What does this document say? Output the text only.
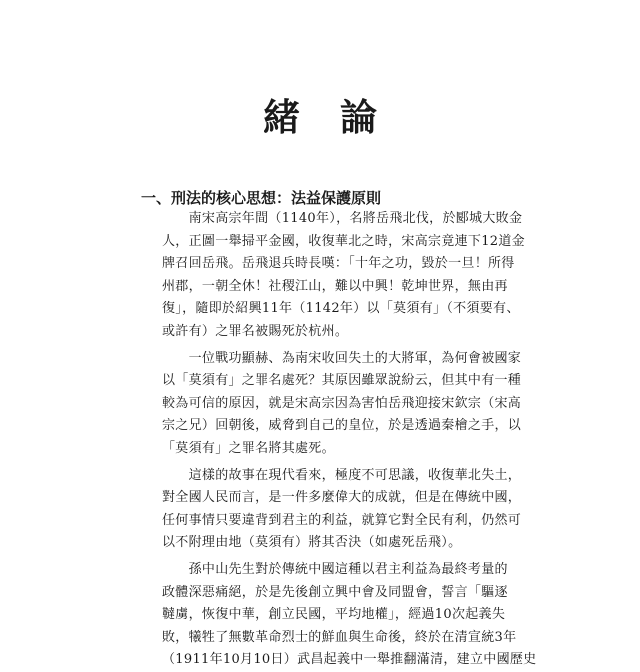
緒論
一、刑法的核心思想：法益保護原則

　　南宋高宗年間（1140年），名將岳飛北伐，於郾城大敗金
人，正圖一舉掃平金國，收復華北之時，宋高宗竟連下12道金
牌召回岳飛。岳飛退兵時長嘆：「十年之功，毀於一旦！所得
州郡，一朝全休！社稷江山，難以中興！乾坤世界，無由再
復」，隨即於紹興11年（1142年）以「莫須有」（不須要有、
或許有）之罪名被賜死於杭州。

　　一位戰功顯赫、為南宋收回失土的大將軍，為何會被國家
以「莫須有」之罪名處死？其原因雖眾說紛云，但其中有一種
較為可信的原因，就是宋高宗因為害怕岳飛迎接宋欽宗（宋高
宗之兄）回朝後，威脅到自己的皇位，於是透過秦檜之手，以
「莫須有」之罪名將其處死。

　　這樣的故事在現代看來，極度不可思議，收復華北失土，
對全國人民而言，是一件多麼偉大的成就，但是在傳統中國，
任何事情只要違背到君主的利益，就算它對全民有利，仍然可
以不附理由地（莫須有）將其否決（如處死岳飛）。

　　孫中山先生對於傳統中國這種以君主利益為最終考量的
政體深惡痛絕，於是先後創立興中會及同盟會，誓言「驅逐
韃虜，恢復中華，創立民國，平均地權」，經過10次起義失
敗，犧牲了無數革命烈士的鮮血與生命後，終於在清宣統3年
（1911年10月10日）武昌起義中一舉推翻滿清，建立中國歷史
